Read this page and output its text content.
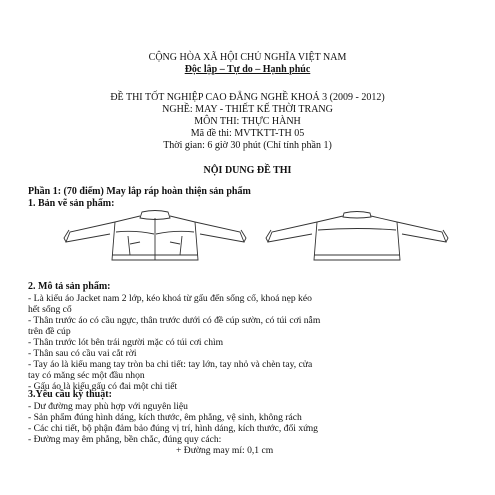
CỘNG HÒA XÃ HỘI CHỦ NGHĨA VIỆT NAM
Độc lập – Tự do – Hạnh phúc
ĐỀ THI TỐT NGHIỆP CAO ĐẲNG NGHỀ KHOÁ 3 (2009 - 2012)
NGHỀ: MAY - THIẾT KẾ THỜI TRANG
MÔN THI: THỰC HÀNH
Mã đề thi: MVTKTT-TH 05
Thời gian: 6 giờ 30 phút (Chỉ tính phần 1)
NỘI DUNG ĐỀ THI
Phần 1: (70 điểm) May lắp ráp hoàn thiện sản phẩm
1. Bản vẽ sản phẩm:
2. Mô tả sản phẩm:
- Là kiểu áo Jacket nam 2 lớp, kéo khoá từ gấu đến sống cổ, khoá nẹp kéo
hết sống cổ
- Thân trước áo có cầu ngực, thân trước dưới có đề cúp sườn, có túi cơi nẫm
trên đề cúp
- Thân trước lót bên trái người mặc có túi cơi chìm
- Thân sau có cầu vai cắt rời
- Tay áo là kiểu mang tay tròn ba chi tiết: tay lớn, tay nhỏ và chèn tay, cửa
tay có măng séc một đầu nhọn
- Gấu áo là kiểu gấu có đai một chi tiết
3.Yêu cầu kỹ thuật:
- Dư đường may phù hợp với nguyên liệu
- Sản phẩm đúng hình dáng, kích thước, êm phẳng, vệ sinh, không rách
- Các chi tiết, bộ phận đảm bảo đúng vị trí, hình dáng, kích thước, đối xứng
- Đường may êm phẳng, bền chắc, đúng quy cách:
+ Đường may mí: 0,1 cm
